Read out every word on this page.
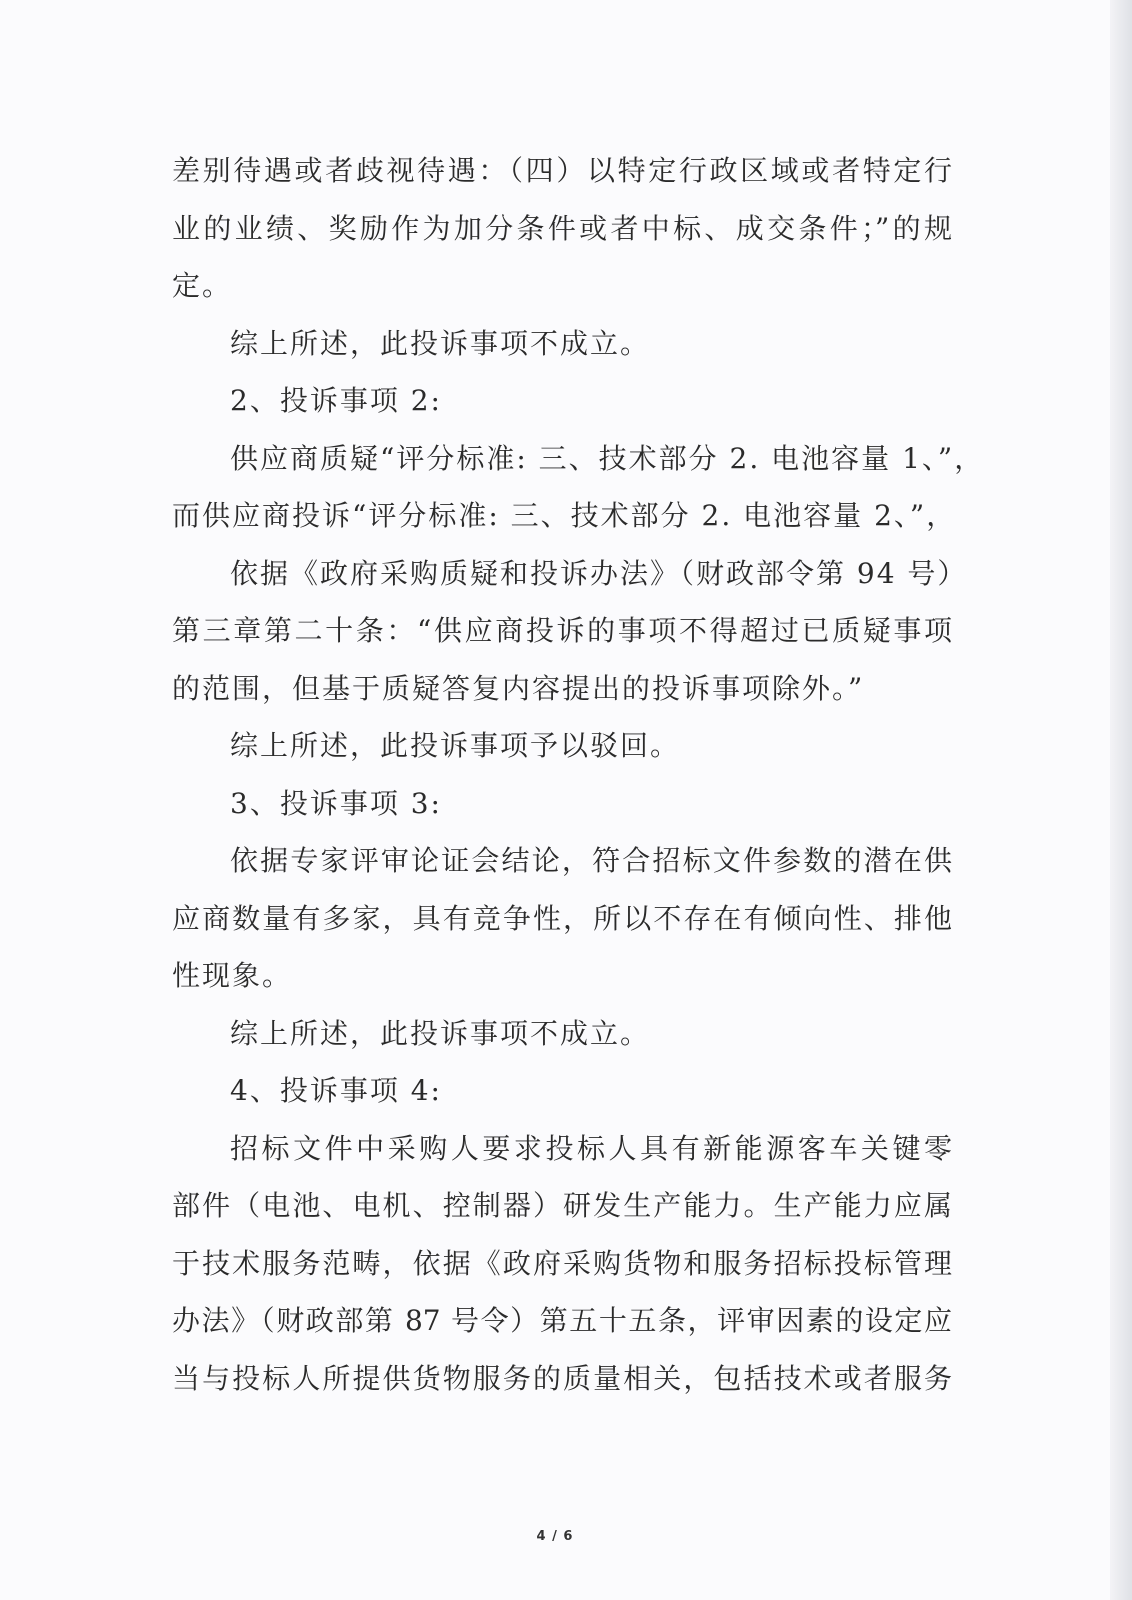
差别待遇或者歧视待遇：（四）以特定行政区域或者特定行
业的业绩、奖励作为加分条件或者中标、成交条件；”的规
定。
综上所述，此投诉事项不成立。
2、投诉事项 2:
供应商质疑“评分标准: 三、技术部分 2. 电池容量 1、”，
而供应商投诉“评分标准: 三、技术部分 2. 电池容量 2、”，
依据《政府采购质疑和投诉办法》（财政部令第 94 号）
第三章第二十条：“供应商投诉的事项不得超过已质疑事项
的范围，但基于质疑答复内容提出的投诉事项除外。”
综上所述，此投诉事项予以驳回。
3、投诉事项 3:
依据专家评审论证会结论，符合招标文件参数的潜在供
应商数量有多家，具有竞争性，所以不存在有倾向性、排他
性现象。
综上所述，此投诉事项不成立。
4、投诉事项 4:
招标文件中采购人要求投标人具有新能源客车关键零
部件（电池、电机、控制器）研发生产能力。生产能力应属
于技术服务范畴，依据《政府采购货物和服务招标投标管理
办法》（财政部第 87 号令）第五十五条，评审因素的设定应
当与投标人所提供货物服务的质量相关，包括技术或者服务
4 / 6
